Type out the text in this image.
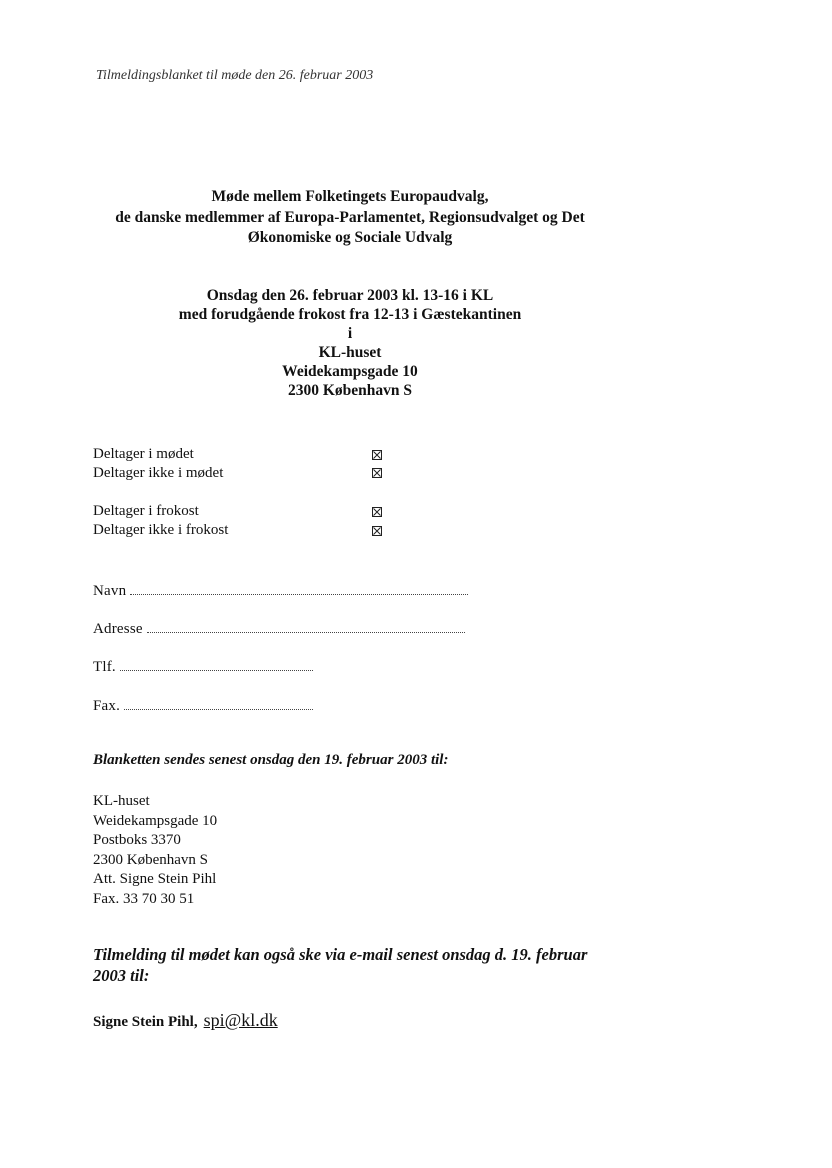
Tilmeldingsblanket til møde den 26. februar 2003
Møde mellem Folketingets Europaudvalg,
de danske medlemmer af Europa-Parlamentet, Regionsudvalget og Det
Økonomiske og Sociale Udvalg
Onsdag den 26. februar 2003 kl. 13-16 i KL
med forudgående frokost fra 12-13 i Gæstekantinen
i
KL-huset
Weidekampsgade 10
2300 København S
Deltager i mødet
Deltager ikke i mødet
Deltager i frokost
Deltager ikke i frokost
Navn
Adresse
Tlf.
Fax.
Blanketten sendes senest onsdag den 19. februar 2003 til:
KL-huset
Weidekampsgade 10
Postboks 3370
2300 København S
Att. Signe Stein Pihl
Fax. 33 70 30 51
Tilmelding til mødet kan også ske via e-mail senest onsdag d. 19. februar 2003 til:
Signe Stein Pihl, spi@kl.dk
